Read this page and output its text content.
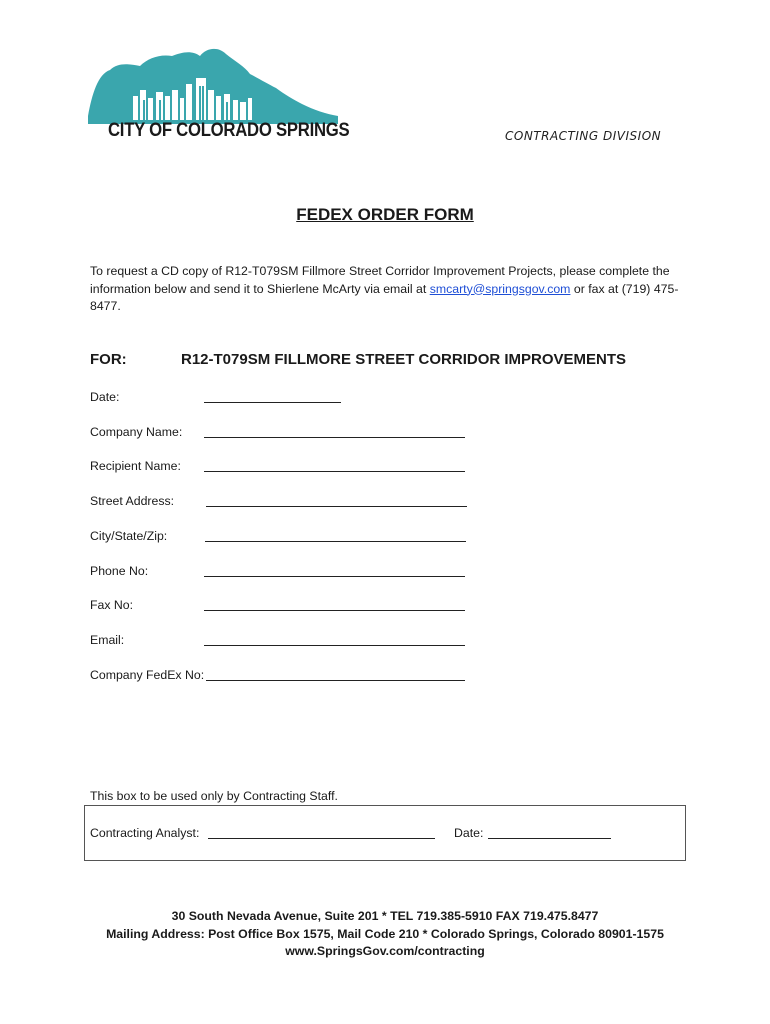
CITY OF COLORADO SPRINGS	CONTRACTING DIVISION
FEDEX ORDER FORM
To request a CD copy of R12-T079SM Fillmore Street Corridor Improvement Projects, please complete the information below and send it to Shierlene McArty via email at smcarty@springsgov.com or fax at (719) 475-8477.
FOR:	R12-T079SM FILLMORE STREET CORRIDOR IMPROVEMENTS
Date:
Company Name:
Recipient Name:
Street Address:
City/State/Zip:
Phone No:
Fax No:
Email:
Company FedEx No:
This box to be used only by Contracting Staff.
Contracting Analyst:	Date:
30 South Nevada Avenue, Suite 201 * TEL 719.385-5910 FAX 719.475.8477
Mailing Address: Post Office Box 1575, Mail Code 210 * Colorado Springs, Colorado 80901-1575
www.SpringsGov.com/contracting
